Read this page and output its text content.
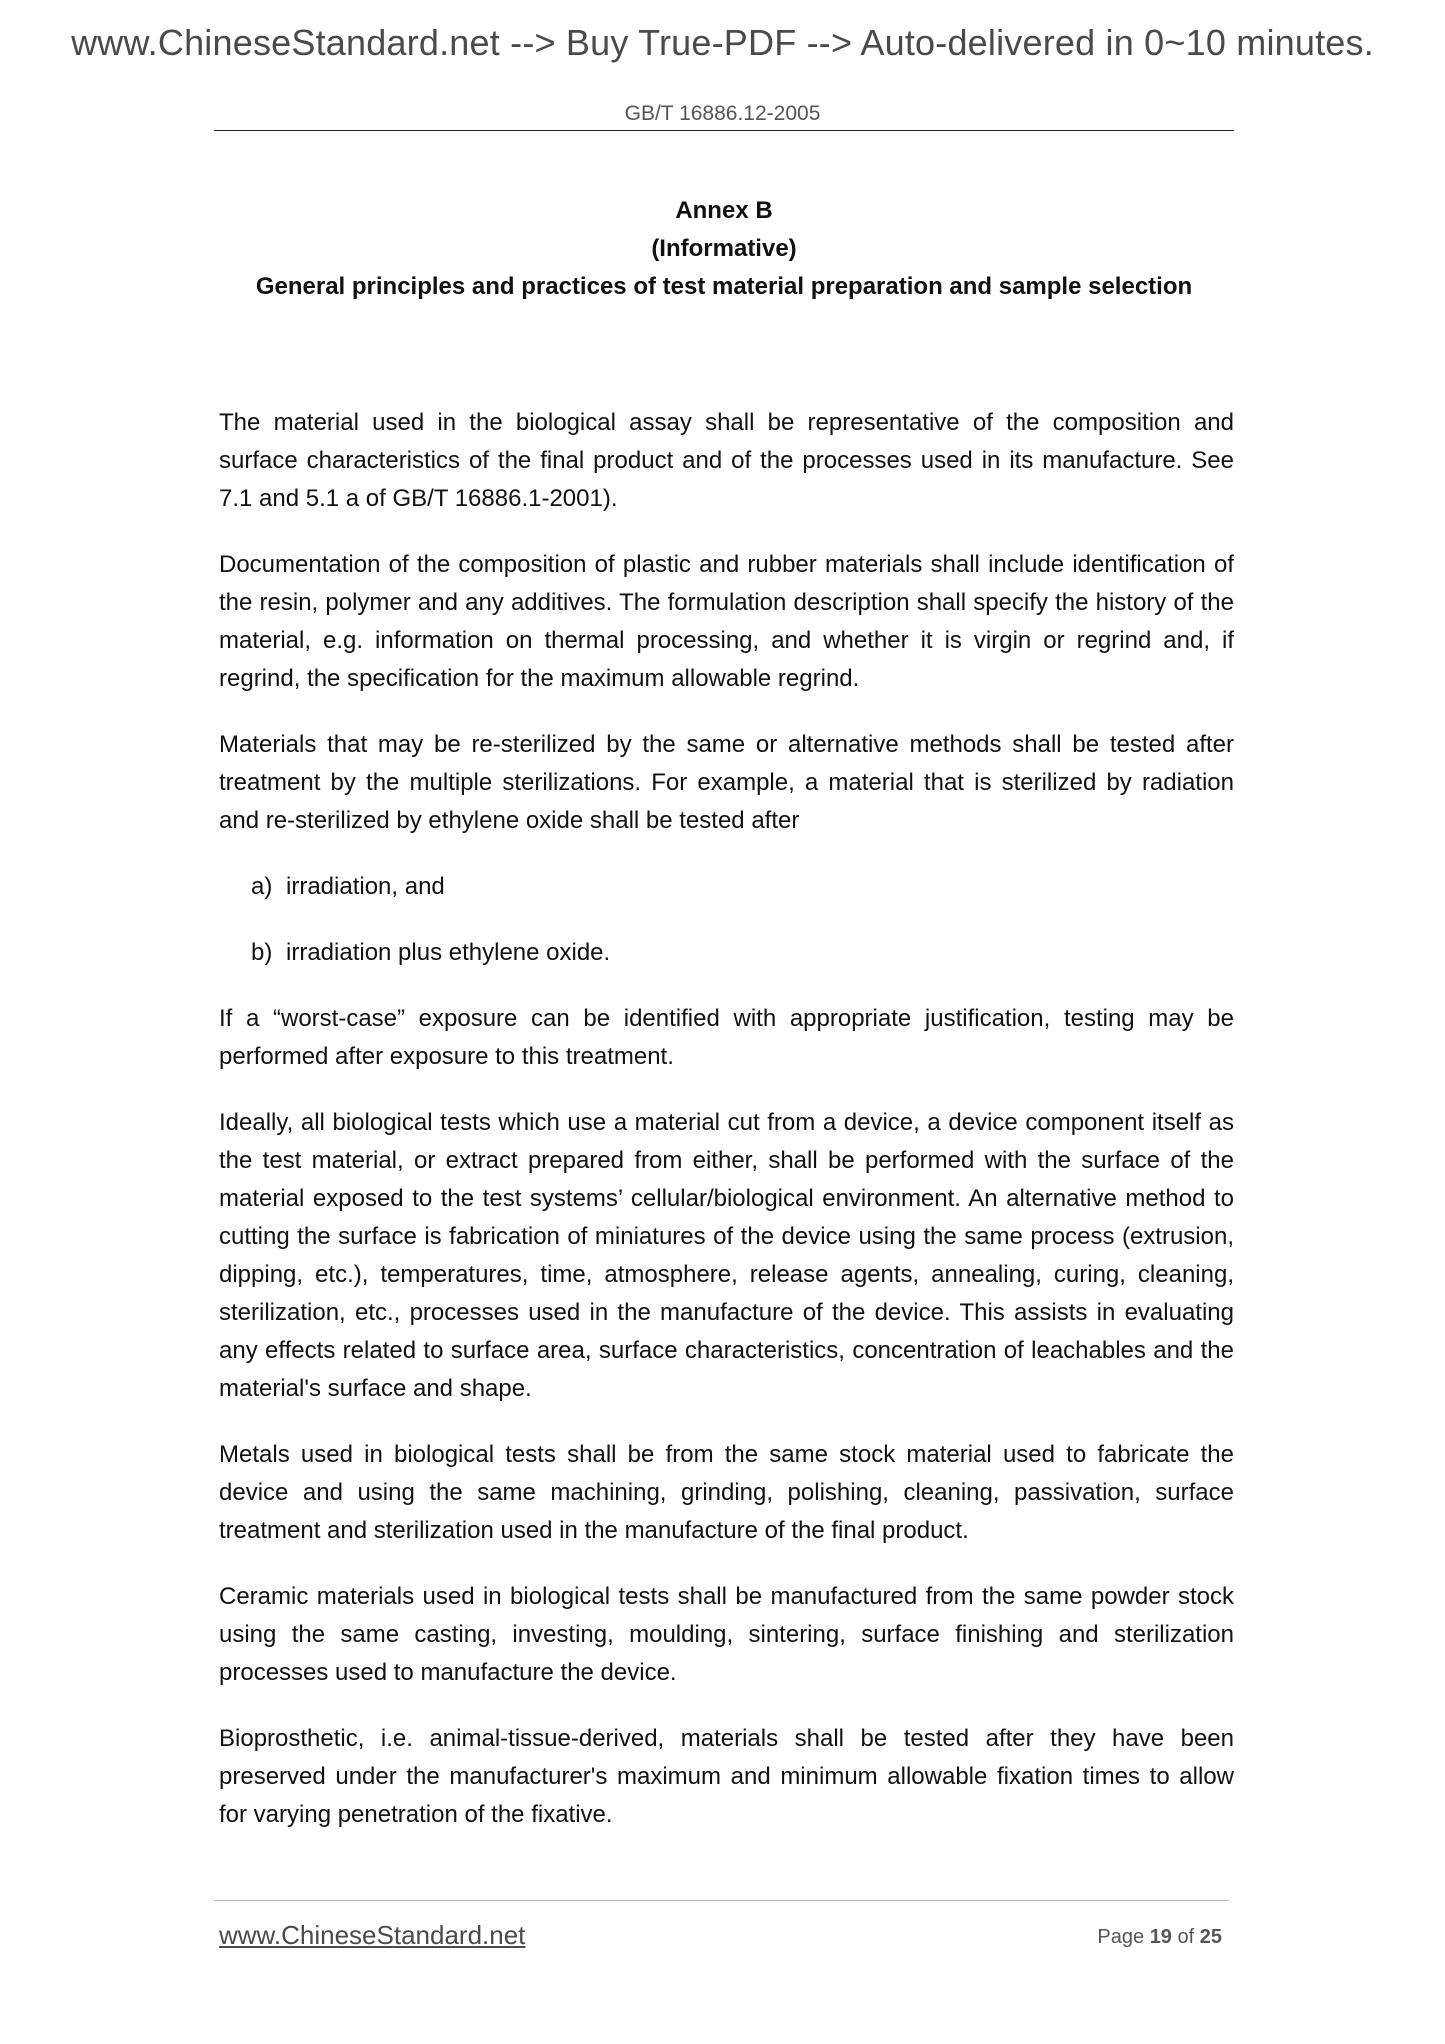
www.ChineseStandard.net --> Buy True-PDF --> Auto-delivered in 0~10 minutes.
GB/T 16886.12-2005
Annex B
(Informative)
General principles and practices of test material preparation and sample selection

The material used in the biological assay shall be representative of the composition and surface characteristics of the final product and of the processes used in its manufacture. See 7.1 and 5.1 a of GB/T 16886.1-2001).

Documentation of the composition of plastic and rubber materials shall include identification of the resin, polymer and any additives. The formulation description shall specify the history of the material, e.g. information on thermal processing, and whether it is virgin or regrind and, if regrind, the specification for the maximum allowable regrind.

Materials that may be re-sterilized by the same or alternative methods shall be tested after treatment by the multiple sterilizations. For example, a material that is sterilized by radiation and re-sterilized by ethylene oxide shall be tested after

a) irradiation, and
b) irradiation plus ethylene oxide.

If a “worst-case” exposure can be identified with appropriate justification, testing may be performed after exposure to this treatment.

Ideally, all biological tests which use a material cut from a device, a device component itself as the test material, or extract prepared from either, shall be performed with the surface of the material exposed to the test systems’ cellular/biological environment. An alternative method to cutting the surface is fabrication of miniatures of the device using the same process (extrusion, dipping, etc.), temperatures, time, atmosphere, release agents, annealing, curing, cleaning, sterilization, etc., processes used in the manufacture of the device. This assists in evaluating any effects related to surface area, surface characteristics, concentration of leachables and the material's surface and shape.

Metals used in biological tests shall be from the same stock material used to fabricate the device and using the same machining, grinding, polishing, cleaning, passivation, surface treatment and sterilization used in the manufacture of the final product.

Ceramic materials used in biological tests shall be manufactured from the same powder stock using the same casting, investing, moulding, sintering, surface finishing and sterilization processes used to manufacture the device.

Bioprosthetic, i.e. animal-tissue-derived, materials shall be tested after they have been preserved under the manufacturer's maximum and minimum allowable fixation times to allow for varying penetration of the fixative.

www.ChineseStandard.net	Page 19 of 25
